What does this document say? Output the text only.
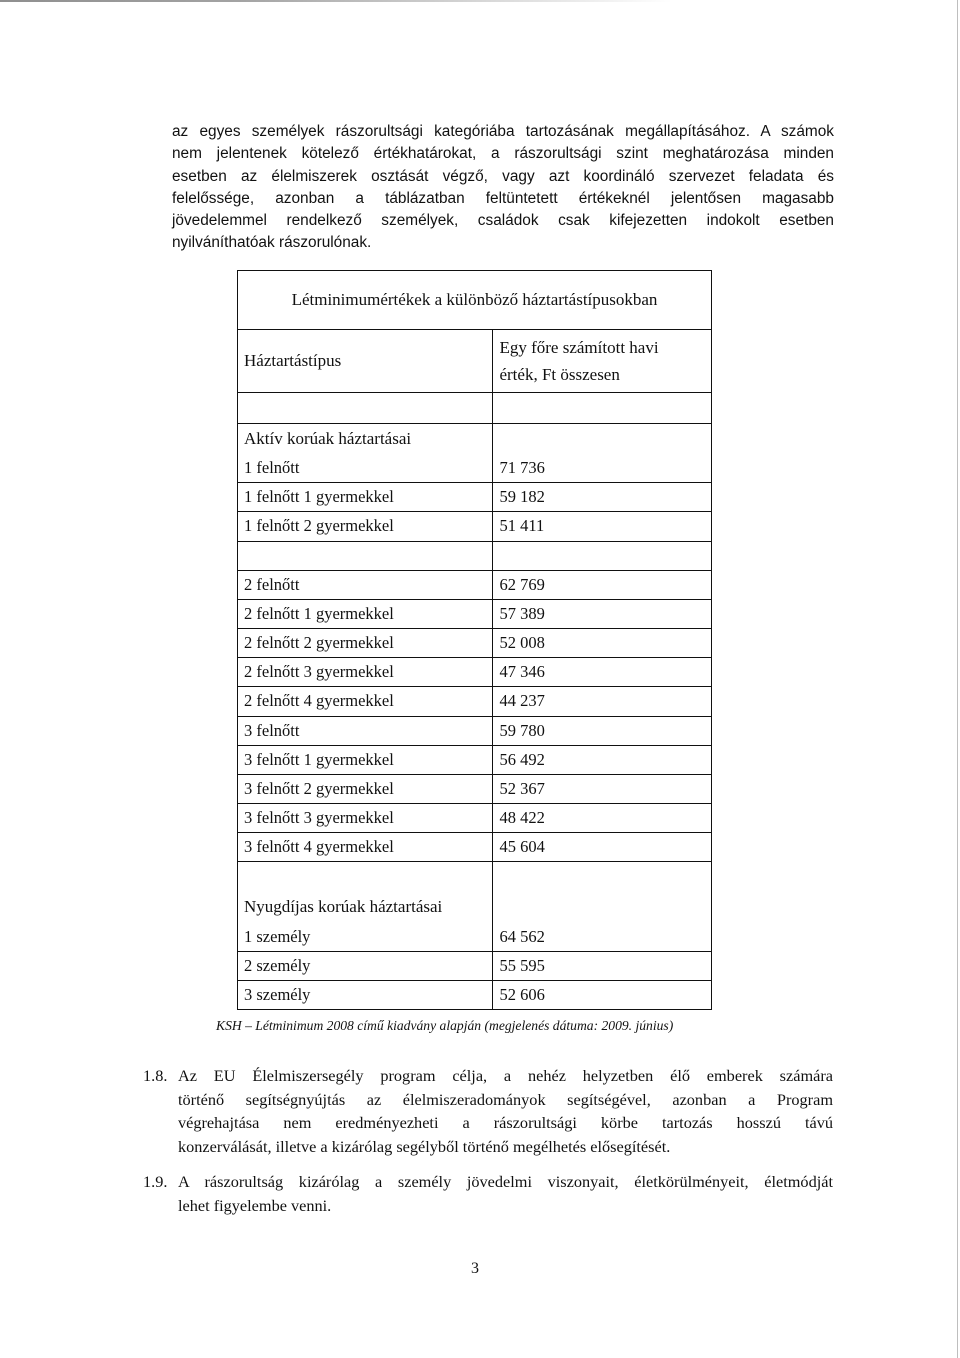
az egyes személyek rászorultsági kategóriába tartozásának megállapításához. A számok
nem jelentenek kötelező értékhatárokat, a rászorultsági szint meghatározása minden
esetben az élelmiszerek osztását végző, vagy azt koordináló szervezet feladata és
felelőssége, azonban a táblázatban feltüntetett értékeknél jelentősen magasabb
jövedelemmel rendelkező személyek, családok csak kifejezetten indokolt esetben
nyilváníthatóak rászorulónak.
Létminimumértékek a különböző háztartástípusokban	
Háztartástípus	Egy főre számított havi
érték, Ft összesen

Aktív korúak háztartásai	
1 felnőtt	71 736
1 felnőtt 1 gyermekkel	59 182
1 felnőtt 2 gyermekkel	51 411

2 felnőtt	62 769
2 felnőtt 1 gyermekkel	57 389
2 felnőtt 2 gyermekkel	52 008
2 felnőtt 3 gyermekkel	47 346
2 felnőtt 4 gyermekkel	44 237
3 felnőtt	59 780
3 felnőtt 1 gyermekkel	56 492
3 felnőtt 2 gyermekkel	52 367
3 felnőtt 3 gyermekkel	48 422
3 felnőtt 4 gyermekkel	45 604

Nyugdíjas korúak háztartásai	
1 személy	64 562
2 személy	55 595
3 személy	52 606
KSH – Létminimum 2008 című kiadvány alapján (megjelenés dátuma: 2009. június)
1.8. Az EU Élelmiszersegély program célja, a nehéz helyzetben élő emberek számára
történő segítségnyújtás az élelmiszeradományok segítségével, azonban a Program
végrehajtása nem eredményezheti a rászorultsági körbe tartozás hosszú távú
konzerválását, illetve a kizárólag segélyből történő megélhetés elősegítését.
1.9. A rászorultság kizárólag a személy jövedelmi viszonyait, életkörülményeit, életmódját
lehet figyelembe venni.
3
